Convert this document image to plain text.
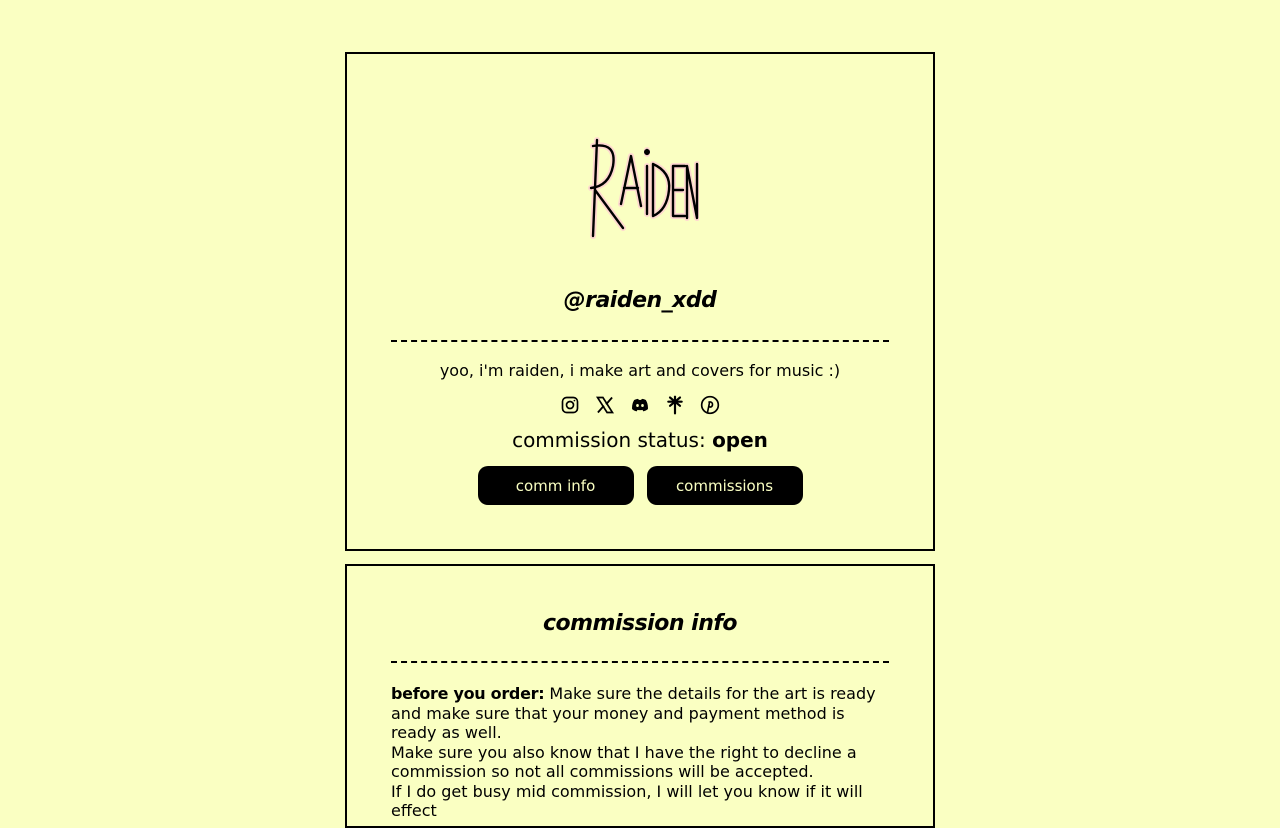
@raiden_xdd
yoo, i'm raiden, i make art and covers for music :)
commission status: open
comm info	commissions
commission info

before you order: Make sure the details for the art is ready and make sure that your money and payment method is ready as well.

Make sure you also know that I have the right to decline a commission so not all commissions will be accepted.

If I do get busy mid commission, I will let you know if it will effect
